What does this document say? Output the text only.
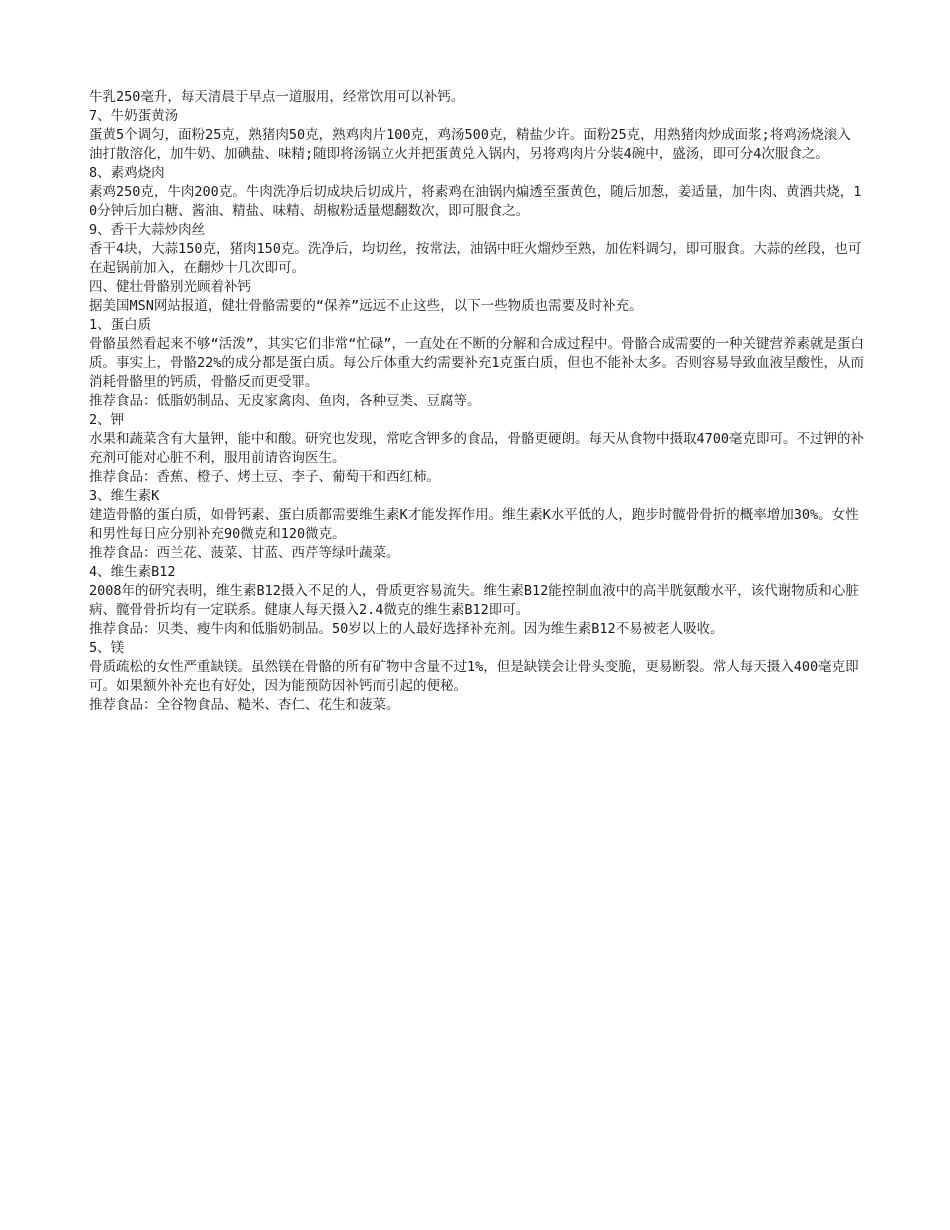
牛乳250毫升，每天清晨于早点一道服用，经常饮用可以补钙。

7、牛奶蛋黄汤

蛋黄5个调匀，面粉25克，熟猪肉50克，熟鸡肉片100克，鸡汤500克，精盐少许。面粉25克，用熟猪肉炒成面浆;将鸡汤烧滚入油打散溶化，加牛奶、加碘盐、味精;随即将汤锅立火并把蛋黄兑入锅内，另将鸡肉片分装4碗中，盛汤，即可分4次服食之。

8、素鸡烧肉

素鸡250克，牛肉200克。牛肉洗净后切成块后切成片，将素鸡在油锅内煸透至蛋黄色，随后加葱，姜适量，加牛肉、黄酒共烧，10分钟后加白糖、酱油、精盐、味精、胡椒粉适量煾翻数次，即可服食之。

9、香干大蒜炒肉丝

香干4块，大蒜150克，猪肉150克。洗净后，均切丝，按常法，油锅中旺火熘炒至熟，加佐料调匀，即可服食。大蒜的丝段，也可在起锅前加入，在翻炒十几次即可。

四、健壮骨骼别光顾着补钙

据美国MSN网站报道，健壮骨骼需要的“保养”远远不止这些，以下一些物质也需要及时补充。

1、蛋白质

骨骼虽然看起来不够“活泼”，其实它们非常“忙碌”，一直处在不断的分解和合成过程中。骨骼合成需要的一种关键营养素就是蛋白质。事实上，骨骼22%的成分都是蛋白质。每公斤体重大约需要补充1克蛋白质，但也不能补太多。否则容易导致血液呈酸性，从而消耗骨骼里的钙质，骨骼反而更受罪。

推荐食品：低脂奶制品、无皮家禽肉、鱼肉，各种豆类、豆腐等。

2、钾

水果和蔬菜含有大量钾，能中和酸。研究也发现，常吃含钾多的食品，骨骼更硬朗。每天从食物中摄取4700毫克即可。不过钾的补充剂可能对心脏不利，服用前请咨询医生。

推荐食品：香蕉、橙子、烤土豆、李子、葡萄干和西红柿。

3、维生素K

建造骨骼的蛋白质，如骨钙素、蛋白质都需要维生素K才能发挥作用。维生素K水平低的人，跑步时髋骨骨折的概率增加30%。女性和男性每日应分别补充90微克和120微克。

推荐食品：西兰花、菠菜、甘蓝、西芹等绿叶蔬菜。

4、维生素B12

2008年的研究表明，维生素B12摄入不足的人，骨质更容易流失。维生素B12能控制血液中的高半胱氨酸水平，该代谢物质和心脏病、髋骨骨折均有一定联系。健康人每天摄入2.4微克的维生素B12即可。

推荐食品：贝类、瘦牛肉和低脂奶制品。50岁以上的人最好选择补充剂。因为维生素B12不易被老人吸收。

5、镁

骨质疏松的女性严重缺镁。虽然镁在骨骼的所有矿物中含量不过1%，但是缺镁会让骨头变脆，更易断裂。常人每天摄入400毫克即可。如果额外补充也有好处，因为能预防因补钙而引起的便秘。

推荐食品：全谷物食品、糙米、杏仁、花生和菠菜。
